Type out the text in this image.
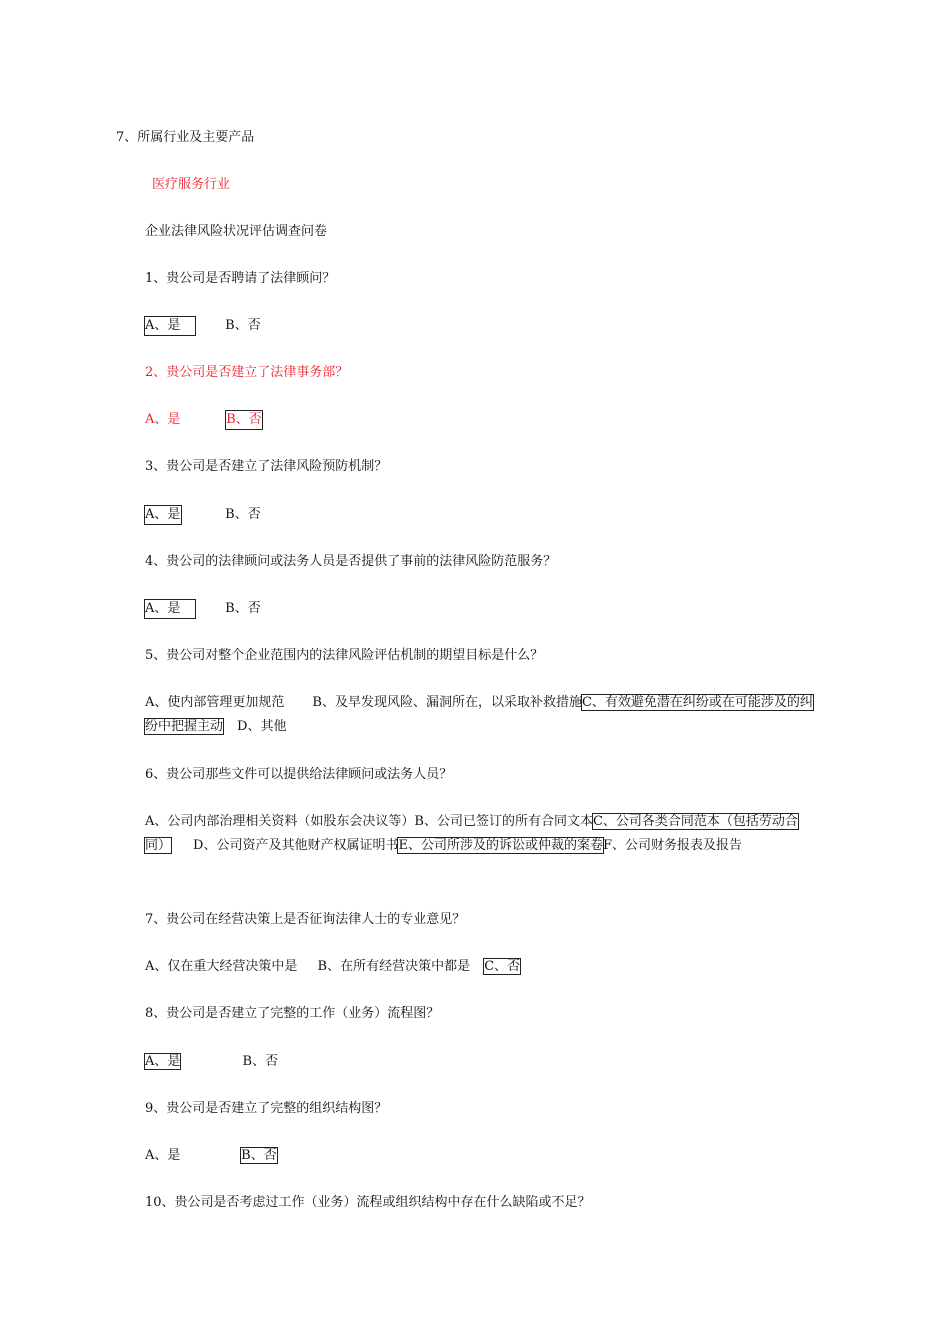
7、所属行业及主要产品
医疗服务行业
企业法律风险状况评估调查问卷
1、贵公司是否聘请了法律顾问？
A、是	B、否
2、贵公司是否建立了法律事务部？
A、是	B、否
3、贵公司是否建立了法律风险预防机制？
A、是	B、否
4、贵公司的法律顾问或法务人员是否提供了事前的法律风险防范服务？
A、是	B、否
5、贵公司对整个企业范围内的法律风险评估机制的期望目标是什么？
A、使内部管理更加规范 B、及早发现风险、漏洞所在，以采取补救措施C、有效避免潜在纠纷或在可能涉及的纠纷中把握主动 D、其他
6、贵公司那些文件可以提供给法律顾问或法务人员？
A、公司内部治理相关资料（如股东会决议等）B、公司已签订的所有合同文本C、公司各类合同范本（包括劳动合同） D、公司资产及其他财产权属证明书E、公司所涉及的诉讼或仲裁的案卷F、公司财务报表及报告
7、贵公司在经营决策上是否征询法律人士的专业意见？
A、仅在重大经营决策中是 B、在所有经营决策中都是 C、否
8、贵公司是否建立了完整的工作（业务）流程图？
A、是	B、否
9、贵公司是否建立了完整的组织结构图？
A、是	B、否
10、贵公司是否考虑过工作（业务）流程或组织结构中存在什么缺陷或不足？
